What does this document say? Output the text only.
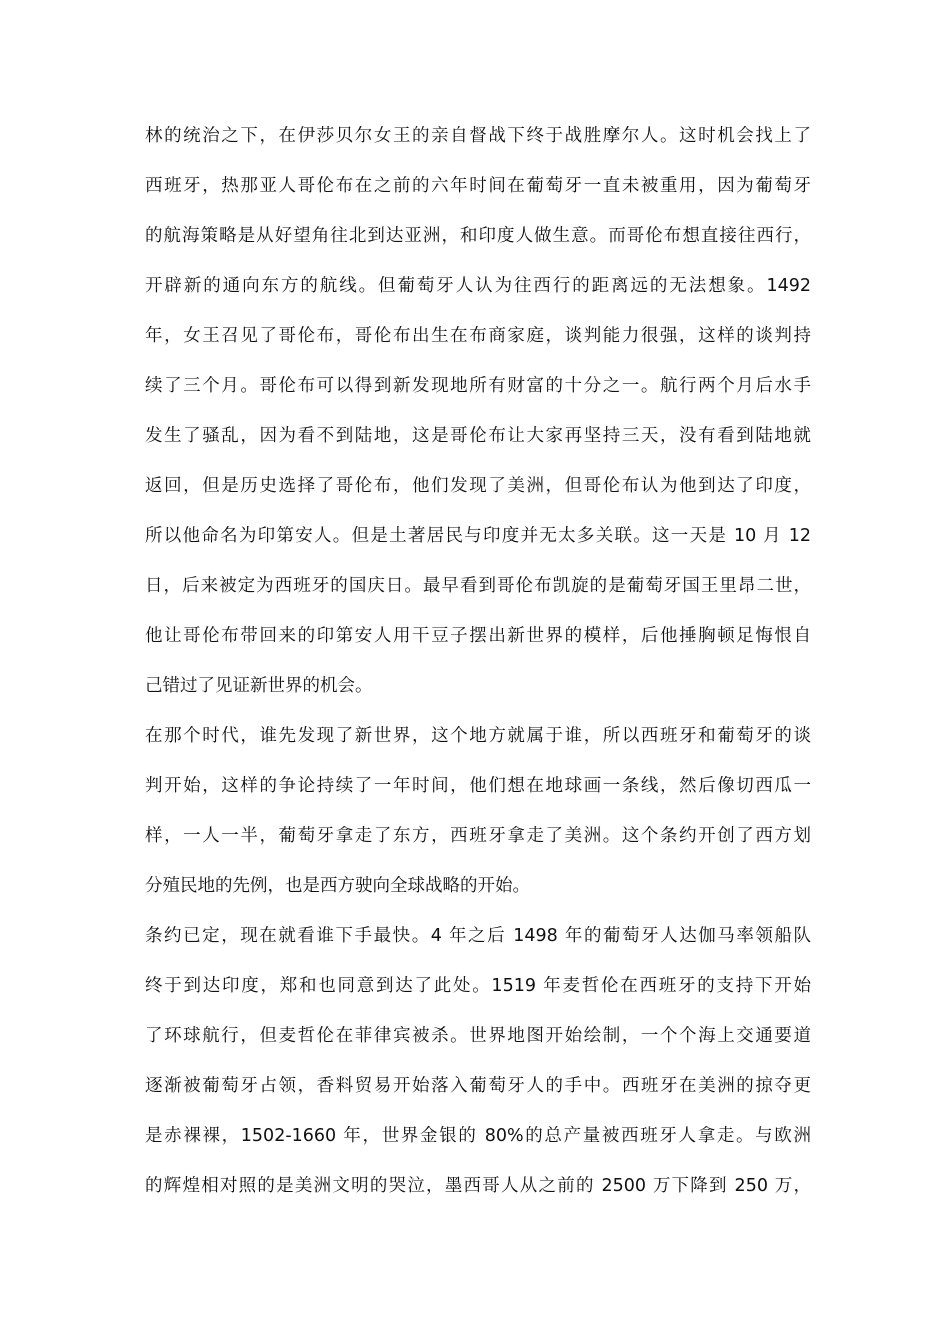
林的统治之下，在伊莎贝尔女王的亲自督战下终于战胜摩尔人。这时机会找上了
西班牙，热那亚人哥伦布在之前的六年时间在葡萄牙一直未被重用，因为葡萄牙
的航海策略是从好望角往北到达亚洲，和印度人做生意。而哥伦布想直接往西行，
开辟新的通向东方的航线。但葡萄牙人认为往西行的距离远的无法想象。1492
年，女王召见了哥伦布，哥伦布出生在布商家庭，谈判能力很强，这样的谈判持
续了三个月。哥伦布可以得到新发现地所有财富的十分之一。航行两个月后水手
发生了骚乱，因为看不到陆地，这是哥伦布让大家再坚持三天，没有看到陆地就
返回，但是历史选择了哥伦布，他们发现了美洲，但哥伦布认为他到达了印度，
所以他命名为印第安人。但是土著居民与印度并无太多关联。这一天是 10 月 12
日，后来被定为西班牙的国庆日。最早看到哥伦布凯旋的是葡萄牙国王里昂二世，
他让哥伦布带回来的印第安人用干豆子摆出新世界的模样，后他捶胸顿足悔恨自
己错过了见证新世界的机会。
在那个时代，谁先发现了新世界，这个地方就属于谁，所以西班牙和葡萄牙的谈
判开始，这样的争论持续了一年时间，他们想在地球画一条线，然后像切西瓜一
样，一人一半，葡萄牙拿走了东方，西班牙拿走了美洲。这个条约开创了西方划
分殖民地的先例，也是西方驶向全球战略的开始。
条约已定，现在就看谁下手最快。4 年之后 1498 年的葡萄牙人达伽马率领船队
终于到达印度，郑和也同意到达了此处。1519 年麦哲伦在西班牙的支持下开始
了环球航行，但麦哲伦在菲律宾被杀。世界地图开始绘制，一个个海上交通要道
逐渐被葡萄牙占领，香料贸易开始落入葡萄牙人的手中。西班牙在美洲的掠夺更
是赤裸裸，1502-1660 年，世界金银的 80%的总产量被西班牙人拿走。与欧洲
的辉煌相对照的是美洲文明的哭泣，墨西哥人从之前的 2500 万下降到 250 万，
